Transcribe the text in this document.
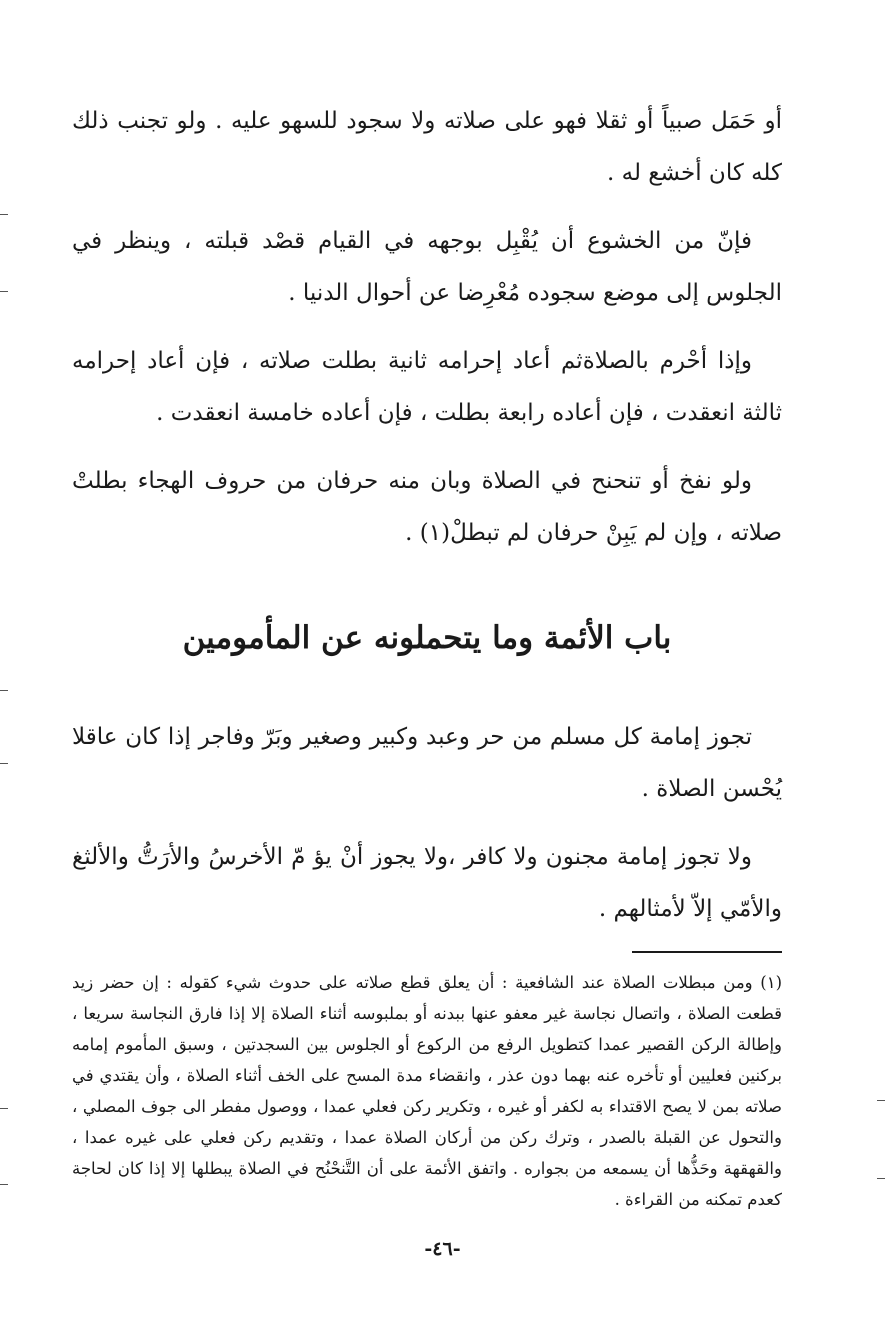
أو حَمَل صبياً أو ثقلا فهو على صلاته ولا سجود للسهو عليه . ولو تجنب ذلك كله كان أخشع له .

فإنّ من الخشوع أن يُقْبِل بوجهه في القيام قصْد قبلته ، وينظر في الجلوس إلى موضع سجوده مُعْرِضا عن أحوال الدنيا .

وإذا أحْرم بالصلاةثم أعاد إحرامه ثانية بطلت صلاته ، فإن أعاد إحرامه ثالثة انعقدت ، فإن أعاده رابعة بطلت ، فإن أعاده خامسة انعقدت .

ولو نفخ أو تنحنح في الصلاة وبان منه حرفان من حروف الهجاء بطلتْ صلاته ، وإن لم يَبِنْ حرفان لم تبطلْ(١) .

باب الأئمة وما يتحملونه عن المأمومين

تجوز إمامة كل مسلم من حر وعبد وكبير وصغير وبَرّ وفاجر إذا كان عاقلا يُحْسن الصلاة .

ولا تجوز إمامة مجنون ولا كافر ،ولا يجوز أنْ يؤ مّ الأخرسُ والأرَتُّ والألثغ والأمّي إلاّ لأمثالهم .

(١) ومن مبطلات الصلاة عند الشافعية : أن يعلق قطع صلاته على حدوث شيء كقوله : إن حضر زيد قطعت الصلاة ، واتصال نجاسة غير معفو عنها ببدنه أو بملبوسه أثناء الصلاة إلا إذا فارق النجاسة سريعا ، وإطالة الركن القصير عمدا كتطويل الرفع من الركوع أو الجلوس بين السجدتين ، وسبق المأموم إمامه بركنين فعليين أو تأخره عنه بهما دون عذر ، وانقضاء مدة المسح على الخف أثناء الصلاة ، وأن يقتدي في صلاته بمن لا يصح الاقتداء به لكفر أو غيره ، وتكرير ركن فعلي عمدا ، ووصول مفطر الى جوف المصلي ، والتحول عن القبلة بالصدر ، وترك ركن من أركان الصلاة عمدا ، وتقديم ركن فعلي على غيره عمدا ، والقهقهة وحَذُّها أن يسمعه من بجواره . واتفق الأئمة على أن التَّنحْنُح في الصلاة يبطلها إلا إذا كان لحاجة كعدم تمكنه من القراءة .

-٤٦-
